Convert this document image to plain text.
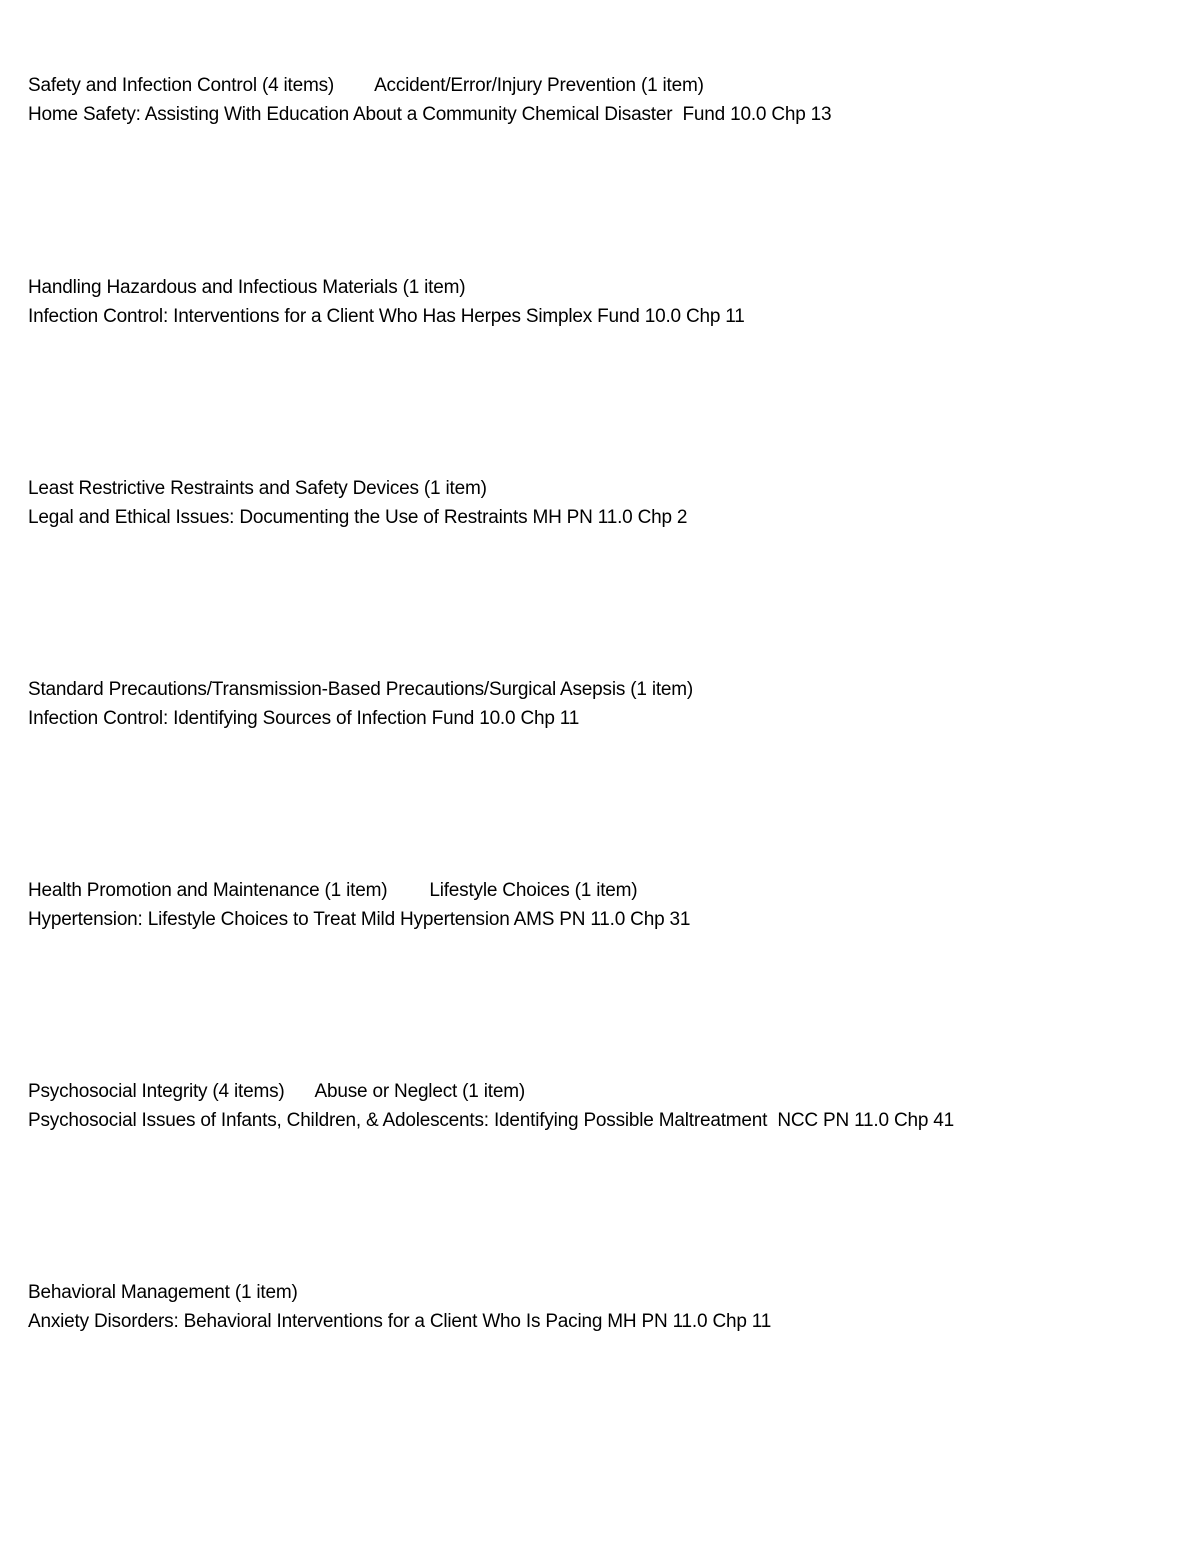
Safety and Infection Control (4 items) Accident/Error/Injury Prevention (1 item)
Home Safety: Assisting With Education About a Community Chemical Disaster  Fund 10.0 Chp 13
Handling Hazardous and Infectious Materials (1 item)
Infection Control: Interventions for a Client Who Has Herpes Simplex Fund 10.0 Chp 11
Least Restrictive Restraints and Safety Devices (1 item)
Legal and Ethical Issues: Documenting the Use of Restraints MH PN 11.0 Chp 2
Standard Precautions/Transmission-Based Precautions/Surgical Asepsis (1 item)
Infection Control: Identifying Sources of Infection Fund 10.0 Chp 11
Health Promotion and Maintenance (1 item) Lifestyle Choices (1 item)
Hypertension: Lifestyle Choices to Treat Mild Hypertension AMS PN 11.0 Chp 31
Psychosocial Integrity (4 items) Abuse or Neglect (1 item)
Psychosocial Issues of Infants, Children, & Adolescents: Identifying Possible Maltreatment  NCC PN 11.0 Chp 41
Behavioral Management (1 item)
Anxiety Disorders: Behavioral Interventions for a Client Who Is Pacing MH PN 11.0 Chp 11
